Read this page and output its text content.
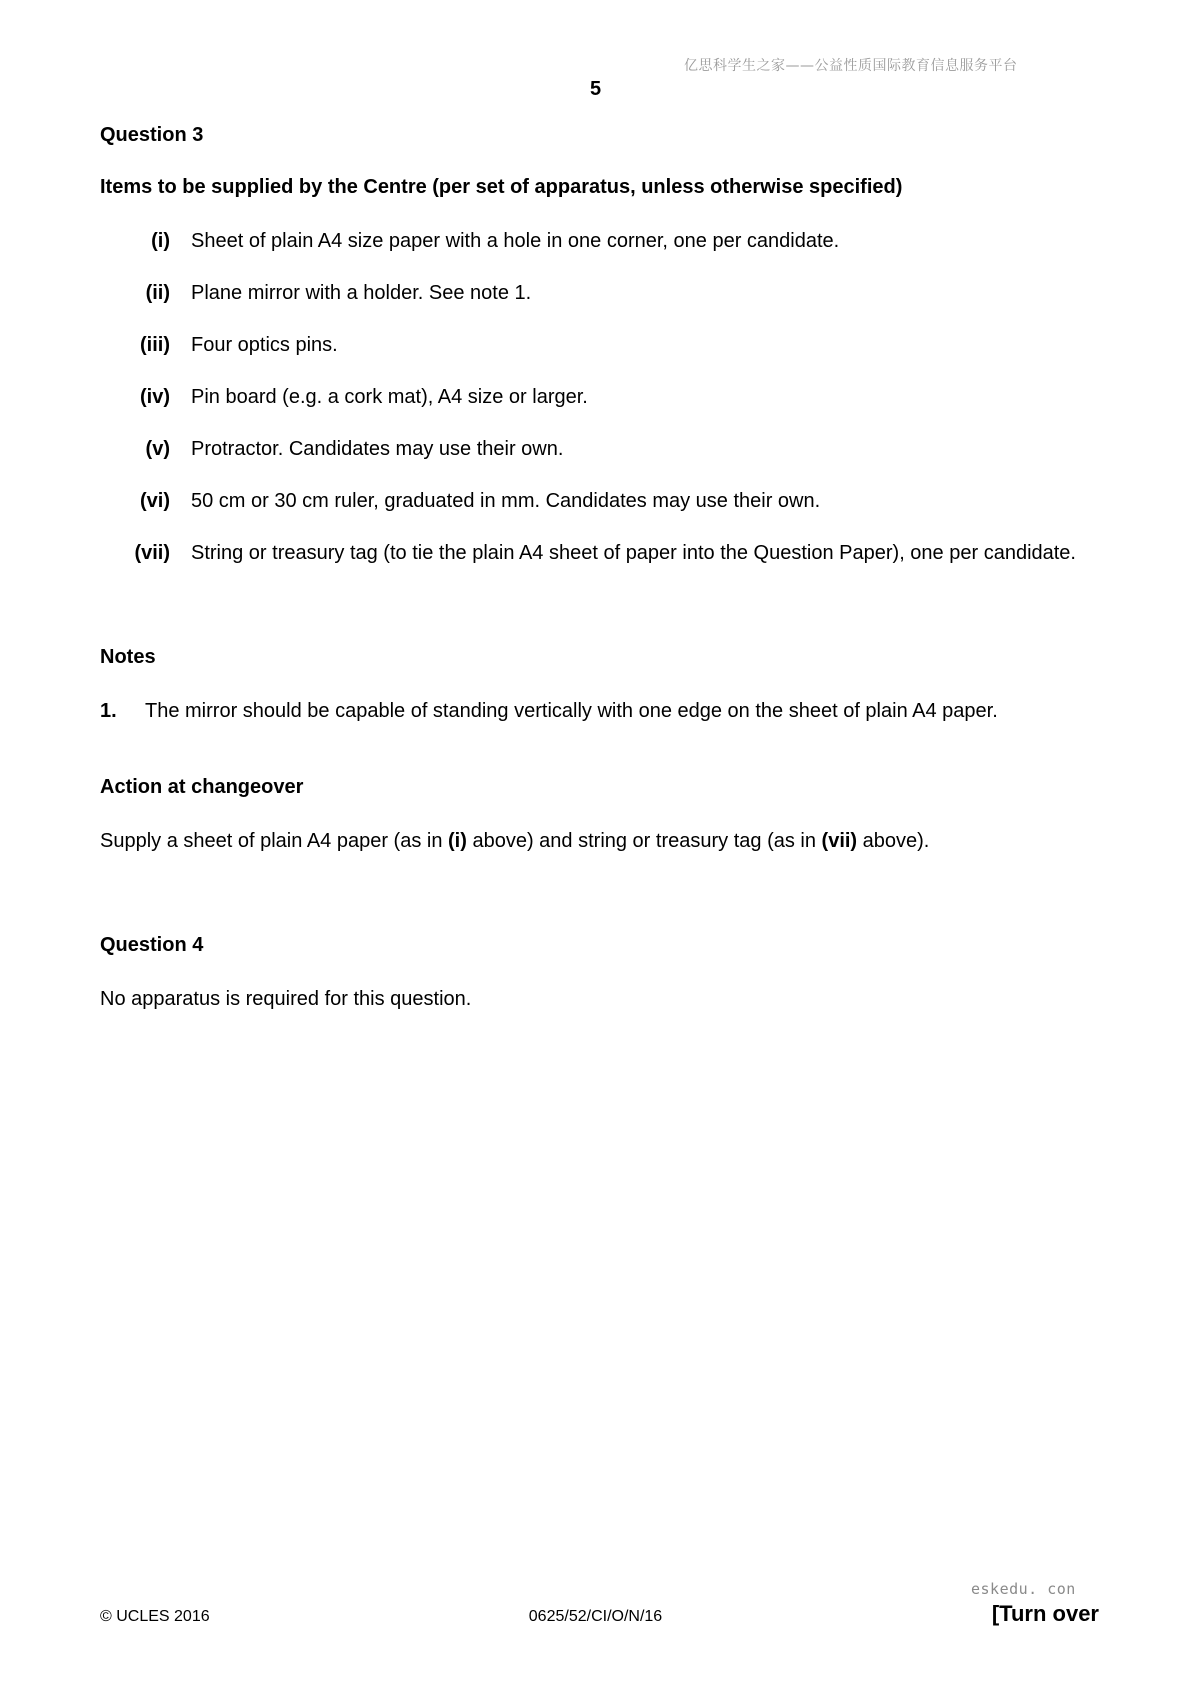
亿思科学生之家——公益性质国际教育信息服务平台
5
Question 3
Items to be supplied by the Centre (per set of apparatus, unless otherwise specified)
(i) Sheet of plain A4 size paper with a hole in one corner, one per candidate.
(ii) Plane mirror with a holder. See note 1.
(iii) Four optics pins.
(iv) Pin board (e.g. a cork mat), A4 size or larger.
(v) Protractor. Candidates may use their own.
(vi) 50 cm or 30 cm ruler, graduated in mm. Candidates may use their own.
(vii) String or treasury tag (to tie the plain A4 sheet of paper into the Question Paper), one per candidate.
Notes
1. The mirror should be capable of standing vertically with one edge on the sheet of plain A4 paper.
Action at changeover
Supply a sheet of plain A4 paper (as in (i) above) and string or treasury tag (as in (vii) above).
Question 4
No apparatus is required for this question.
eskedu. con
© UCLES 2016	0625/52/CI/O/N/16	[Turn over
